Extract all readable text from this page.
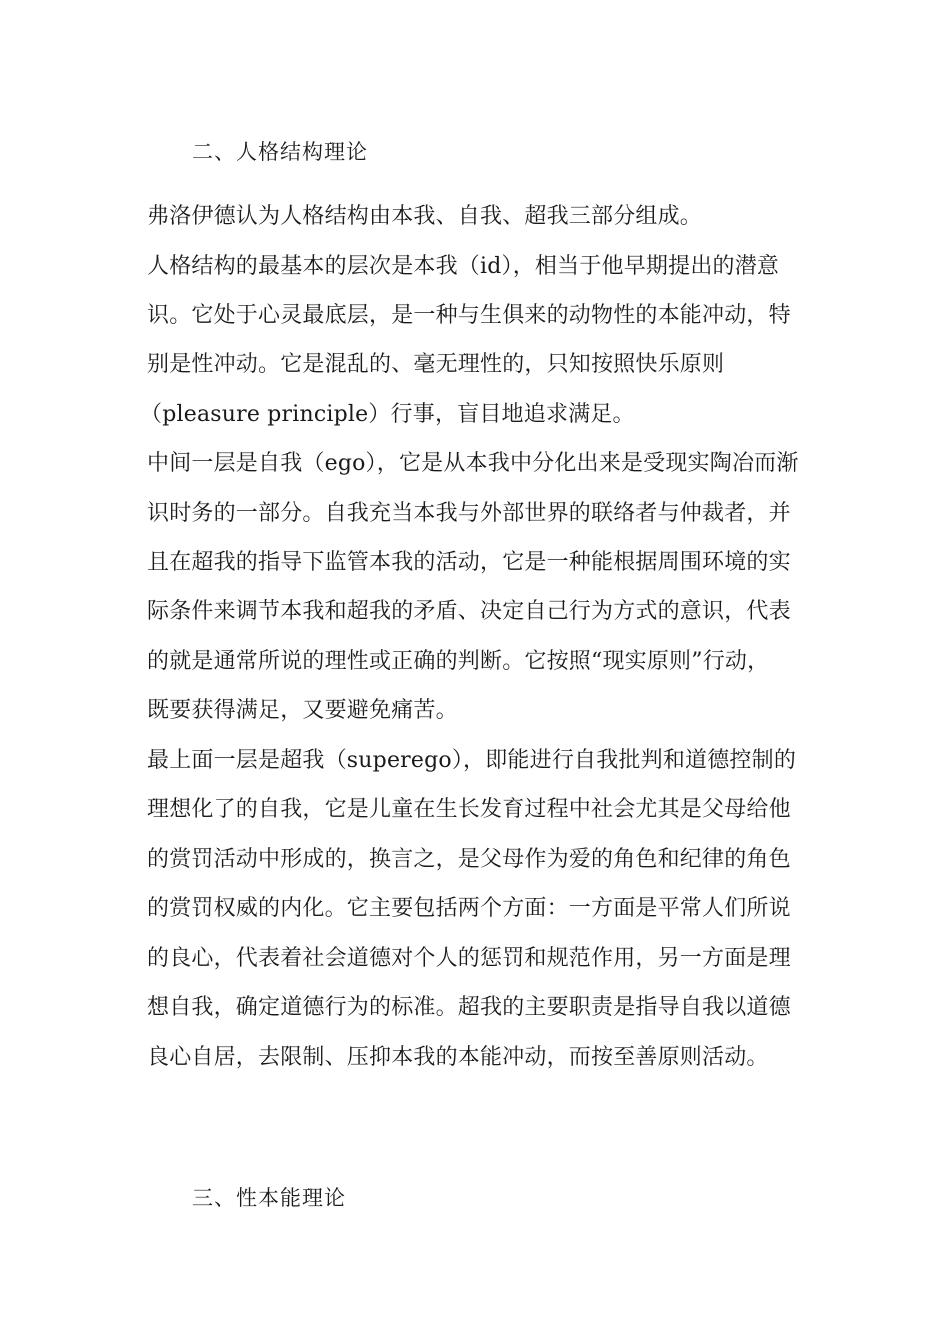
二、人格结构理论
弗洛伊德认为人格结构由本我、自我、超我三部分组成。
人格结构的最基本的层次是本我（id），相当于他早期提出的潜意
识。它处于心灵最底层，是一种与生俱来的动物性的本能冲动，特
别是性冲动。它是混乱的、毫无理性的，只知按照快乐原则
（pleasure principle）行事，盲目地追求满足。
中间一层是自我（ego），它是从本我中分化出来是受现实陶冶而渐
识时务的一部分。自我充当本我与外部世界的联络者与仲裁者，并
且在超我的指导下监管本我的活动，它是一种能根据周围环境的实
际条件来调节本我和超我的矛盾、决定自己行为方式的意识，代表
的就是通常所说的理性或正确的判断。它按照“现实原则”行动，
既要获得满足，又要避免痛苦。
最上面一层是超我（superego），即能进行自我批判和道德控制的
理想化了的自我，它是儿童在生长发育过程中社会尤其是父母给他
的赏罚活动中形成的，换言之，是父母作为爱的角色和纪律的角色
的赏罚权威的内化。它主要包括两个方面：一方面是平常人们所说
的良心，代表着社会道德对个人的惩罚和规范作用，另一方面是理
想自我，确定道德行为的标准。超我的主要职责是指导自我以道德
良心自居，去限制、压抑本我的本能冲动，而按至善原则活动。
三、性本能理论
